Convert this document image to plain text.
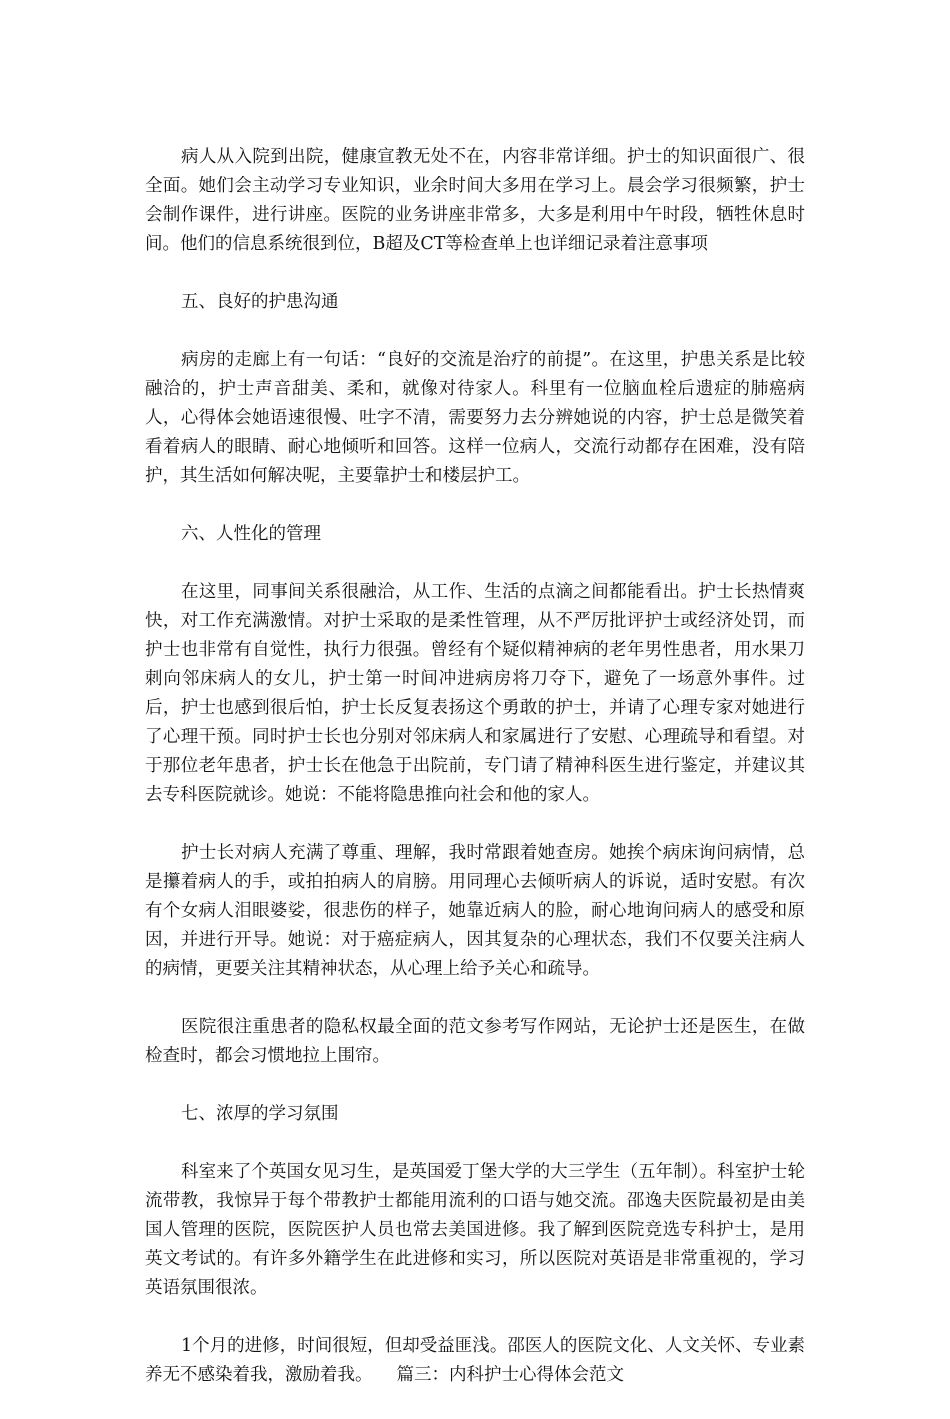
病人从入院到出院，健康宣教无处不在，内容非常详细。护士的知识面很广、很全面。她们会主动学习专业知识，业余时间大多用在学习上。晨会学习很频繁，护士会制作课件，进行讲座。医院的业务讲座非常多，大多是利用中午时段，牺牲休息时间。他们的信息系统很到位，B超及CT等检查单上也详细记录着注意事项

五、良好的护患沟通

病房的走廊上有一句话：“良好的交流是治疗的前提”。在这里，护患关系是比较融洽的，护士声音甜美、柔和，就像对待家人。科里有一位脑血栓后遗症的肺癌病人，心得体会她语速很慢、吐字不清，需要努力去分辨她说的内容，护士总是微笑着看着病人的眼睛、耐心地倾听和回答。这样一位病人，交流行动都存在困难，没有陪护，其生活如何解决呢，主要靠护士和楼层护工。

六、人性化的管理

在这里，同事间关系很融洽，从工作、生活的点滴之间都能看出。护士长热情爽快，对工作充满激情。对护士采取的是柔性管理，从不严厉批评护士或经济处罚，而护士也非常有自觉性，执行力很强。曾经有个疑似精神病的老年男性患者，用水果刀刺向邻床病人的女儿，护士第一时间冲进病房将刀夺下，避免了一场意外事件。过后，护士也感到很后怕，护士长反复表扬这个勇敢的护士，并请了心理专家对她进行了心理干预。同时护士长也分别对邻床病人和家属进行了安慰、心理疏导和看望。对于那位老年患者，护士长在他急于出院前，专门请了精神科医生进行鉴定，并建议其去专科医院就诊。她说：不能将隐患推向社会和他的家人。

护士长对病人充满了尊重、理解，我时常跟着她查房。她挨个病床询问病情，总是攥着病人的手，或拍拍病人的肩膀。用同理心去倾听病人的诉说，适时安慰。有次有个女病人泪眼婆娑，很悲伤的样子，她靠近病人的脸，耐心地询问病人的感受和原因，并进行开导。她说：对于癌症病人，因其复杂的心理状态，我们不仅要关注病人的病情，更要关注其精神状态，从心理上给予关心和疏导。

医院很注重患者的隐私权最全面的范文参考写作网站，无论护士还是医生，在做检查时，都会习惯地拉上围帘。

七、浓厚的学习氛围

科室来了个英国女见习生，是英国爱丁堡大学的大三学生（五年制）。科室护士轮流带教，我惊异于每个带教护士都能用流利的口语与她交流。邵逸夫医院最初是由美国人管理的医院，医院医护人员也常去美国进修。我了解到医院竞选专科护士，是用英文考试的。有许多外籍学生在此进修和实习，所以医院对英语是非常重视的，学习英语氛围很浓。

1个月的进修，时间很短，但却受益匪浅。邵医人的医院文化、人文关怀、专业素养无不感染着我，激励着我。 篇三：内科护士心得体会范文
